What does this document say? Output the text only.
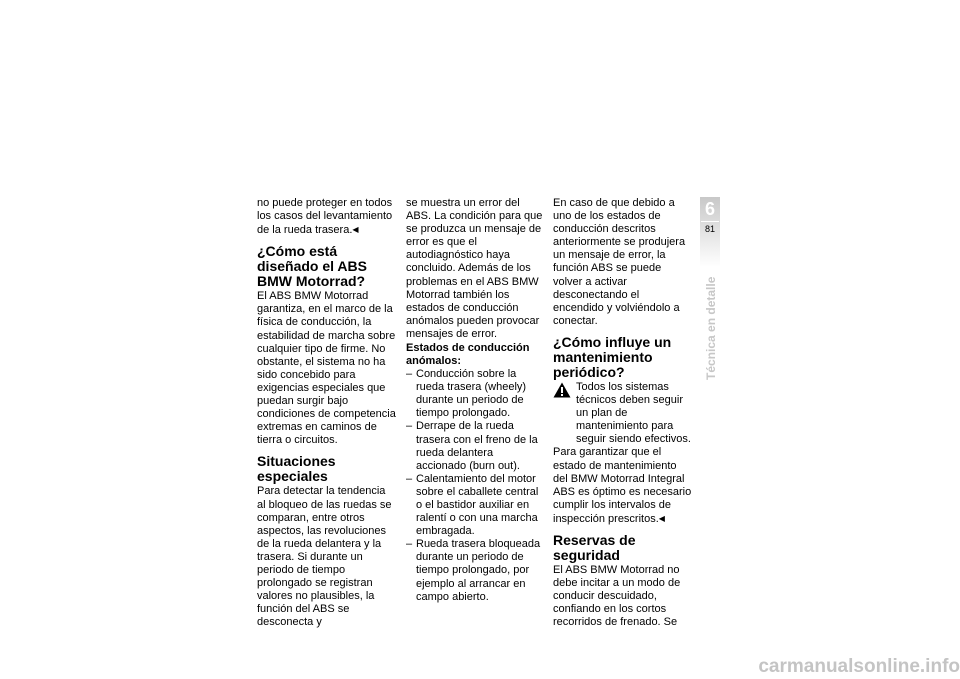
no puede proteger en todos los casos del levantamiento de la rueda trasera. ◀

¿Cómo está diseñado el ABS BMW Motorrad?

El ABS BMW Motorrad garantiza, en el marco de la física de conducción, la estabilidad de marcha sobre cualquier tipo de firme. No obstante, el sistema no ha sido concebido para exigencias especiales que puedan surgir bajo condiciones de competencia extremas en caminos de tierra o circuitos.

Situaciones especiales

Para detectar la tendencia al bloqueo de las ruedas se comparan, entre otros aspectos, las revoluciones de la rueda delantera y la trasera. Si durante un periodo de tiempo prolongado se registran valores no plausibles, la función del ABS se desconecta y

se muestra un error del ABS. La condición para que se produzca un mensaje de error es que el autodiagnóstico haya concluido. Además de los problemas en el ABS BMW Motorrad también los estados de conducción anómalos pueden provocar mensajes de error.

Estados de conducción anómalos:
– Conducción sobre la rueda trasera (wheely) durante un periodo de tiempo prolongado.
– Derrape de la rueda trasera con el freno de la rueda delantera accionado (burn out).
– Calentamiento del motor sobre el caballete central o el bastidor auxiliar en ralentí o con una marcha embragada.
– Rueda trasera bloqueada durante un periodo de tiempo prolongado, por ejemplo al arrancar en campo abierto.

En caso de que debido a uno de los estados de conducción descritos anteriormente se produjera un mensaje de error, la función ABS se puede volver a activar desconectando el encendido y volviéndolo a conectar.

¿Cómo influye un mantenimiento periódico?

Todos los sistemas técnicos deben seguir un plan de mantenimiento para seguir siendo efectivos.

Para garantizar que el estado de mantenimiento del BMW Motorrad Integral ABS es óptimo es necesario cumplir los intervalos de inspección prescritos. ◀

Reservas de seguridad

El ABS BMW Motorrad no debe incitar a un modo de conducir descuidado, confiando en los cortos recorridos de frenado. Se

6
81
Técnica en detalle
carmanualsonline.info
